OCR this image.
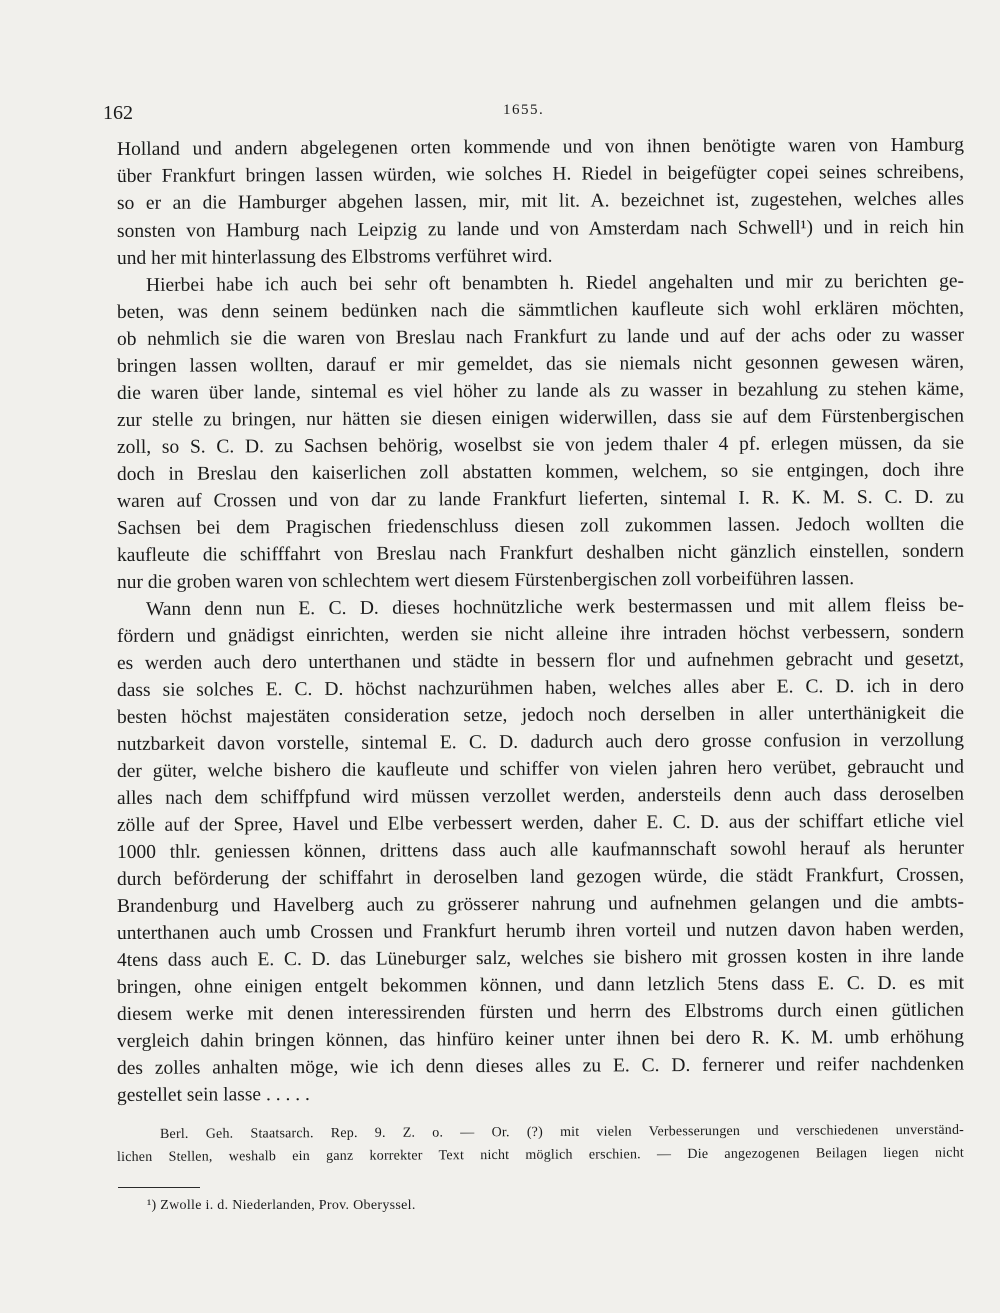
162	1655.
Holland und andern abgelegenen orten kommende und von ihnen benötigte waren von Hamburg
über Frankfurt bringen lassen würden, wie solches H. Riedel in beigefügter copei seines schreibens,
so er an die Hamburger abgehen lassen, mir, mit lit. A. bezeichnet ist, zugestehen, welches alles
sonsten von Hamburg nach Leipzig zu lande und von Amsterdam nach Schwell¹) und in reich hin
und her mit hinterlassung des Elbstroms verführet wird.
Hierbei habe ich auch bei sehr oft benambten h. Riedel angehalten und mir zu berichten ge-
beten, was denn seinem bedünken nach die sämmtlichen kaufleute sich wohl erklären möchten,
ob nehmlich sie die waren von Breslau nach Frankfurt zu lande und auf der achs oder zu wasser
bringen lassen wollten, darauf er mir gemeldet, das sie niemals nicht gesonnen gewesen wären,
die waren über lande, sintemal es viel höher zu lande als zu wasser in bezahlung zu stehen käme,
zur stelle zu bringen, nur hätten sie diesen einigen widerwillen, dass sie auf dem Fürstenbergischen
zoll, so S. C. D. zu Sachsen behörig, woselbst sie von jedem thaler 4 pf. erlegen müssen, da sie
doch in Breslau den kaiserlichen zoll abstatten kommen, welchem, so sie entgingen, doch ihre
waren auf Crossen und von dar zu lande Frankfurt lieferten, sintemal I. R. K. M. S. C. D. zu
Sachsen bei dem Pragischen friedenschluss diesen zoll zukommen lassen. Jedoch wollten die
kaufleute die schifffahrt von Breslau nach Frankfurt deshalben nicht gänzlich einstellen, sondern
nur die groben waren von schlechtem wert diesem Fürstenbergischen zoll vorbeiführen lassen.
Wann denn nun E. C. D. dieses hochnützliche werk bestermassen und mit allem fleiss be-
fördern und gnädigst einrichten, werden sie nicht alleine ihre intraden höchst verbessern, sondern
es werden auch dero unterthanen und städte in bessern flor und aufnehmen gebracht und gesetzt,
dass sie solches E. C. D. höchst nachzurühmen haben, welches alles aber E. C. D. ich in dero
besten höchst majestäten consideration setze, jedoch noch derselben in aller unterthänigkeit die
nutzbarkeit davon vorstelle, sintemal E. C. D. dadurch auch dero grosse confusion in verzollung
der güter, welche bishero die kaufleute und schiffer von vielen jahren hero verübet, gebraucht und
alles nach dem schiffpfund wird müssen verzollet werden, andersteils denn auch dass deroselben
zölle auf der Spree, Havel und Elbe verbessert werden, daher E. C. D. aus der schiffart etliche viel
1000 thlr. geniessen können, drittens dass auch alle kaufmannschaft sowohl herauf als herunter
durch beförderung der schiffahrt in deroselben land gezogen würde, die städt Frankfurt, Crossen,
Brandenburg und Havelberg auch zu grösserer nahrung und aufnehmen gelangen und die ambts-
unterthanen auch umb Crossen und Frankfurt herumb ihren vorteil und nutzen davon haben werden,
4tens dass auch E. C. D. das Lüneburger salz, welches sie bishero mit grossen kosten in ihre lande
bringen, ohne einigen entgelt bekommen können, und dann letzlich 5tens dass E. C. D. es mit
diesem werke mit denen interessirenden fürsten und herrn des Elbstroms durch einen gütlichen
vergleich dahin bringen können, das hinfüro keiner unter ihnen bei dero R. K. M. umb erhöhung
des zolles anhalten möge, wie ich denn dieses alles zu E. C. D. fernerer und reifer nachdenken
gestellet sein lasse . . . . .
Berl. Geh. Staatsarch. Rep. 9. Z. o. — Or. (?) mit vielen Verbesserungen und verschiedenen unverständ-
lichen Stellen, weshalb ein ganz korrekter Text nicht möglich erschien. — Die angezogenen Beilagen liegen nicht
¹) Zwolle i. d. Niederlanden, Prov. Oberyssel.
